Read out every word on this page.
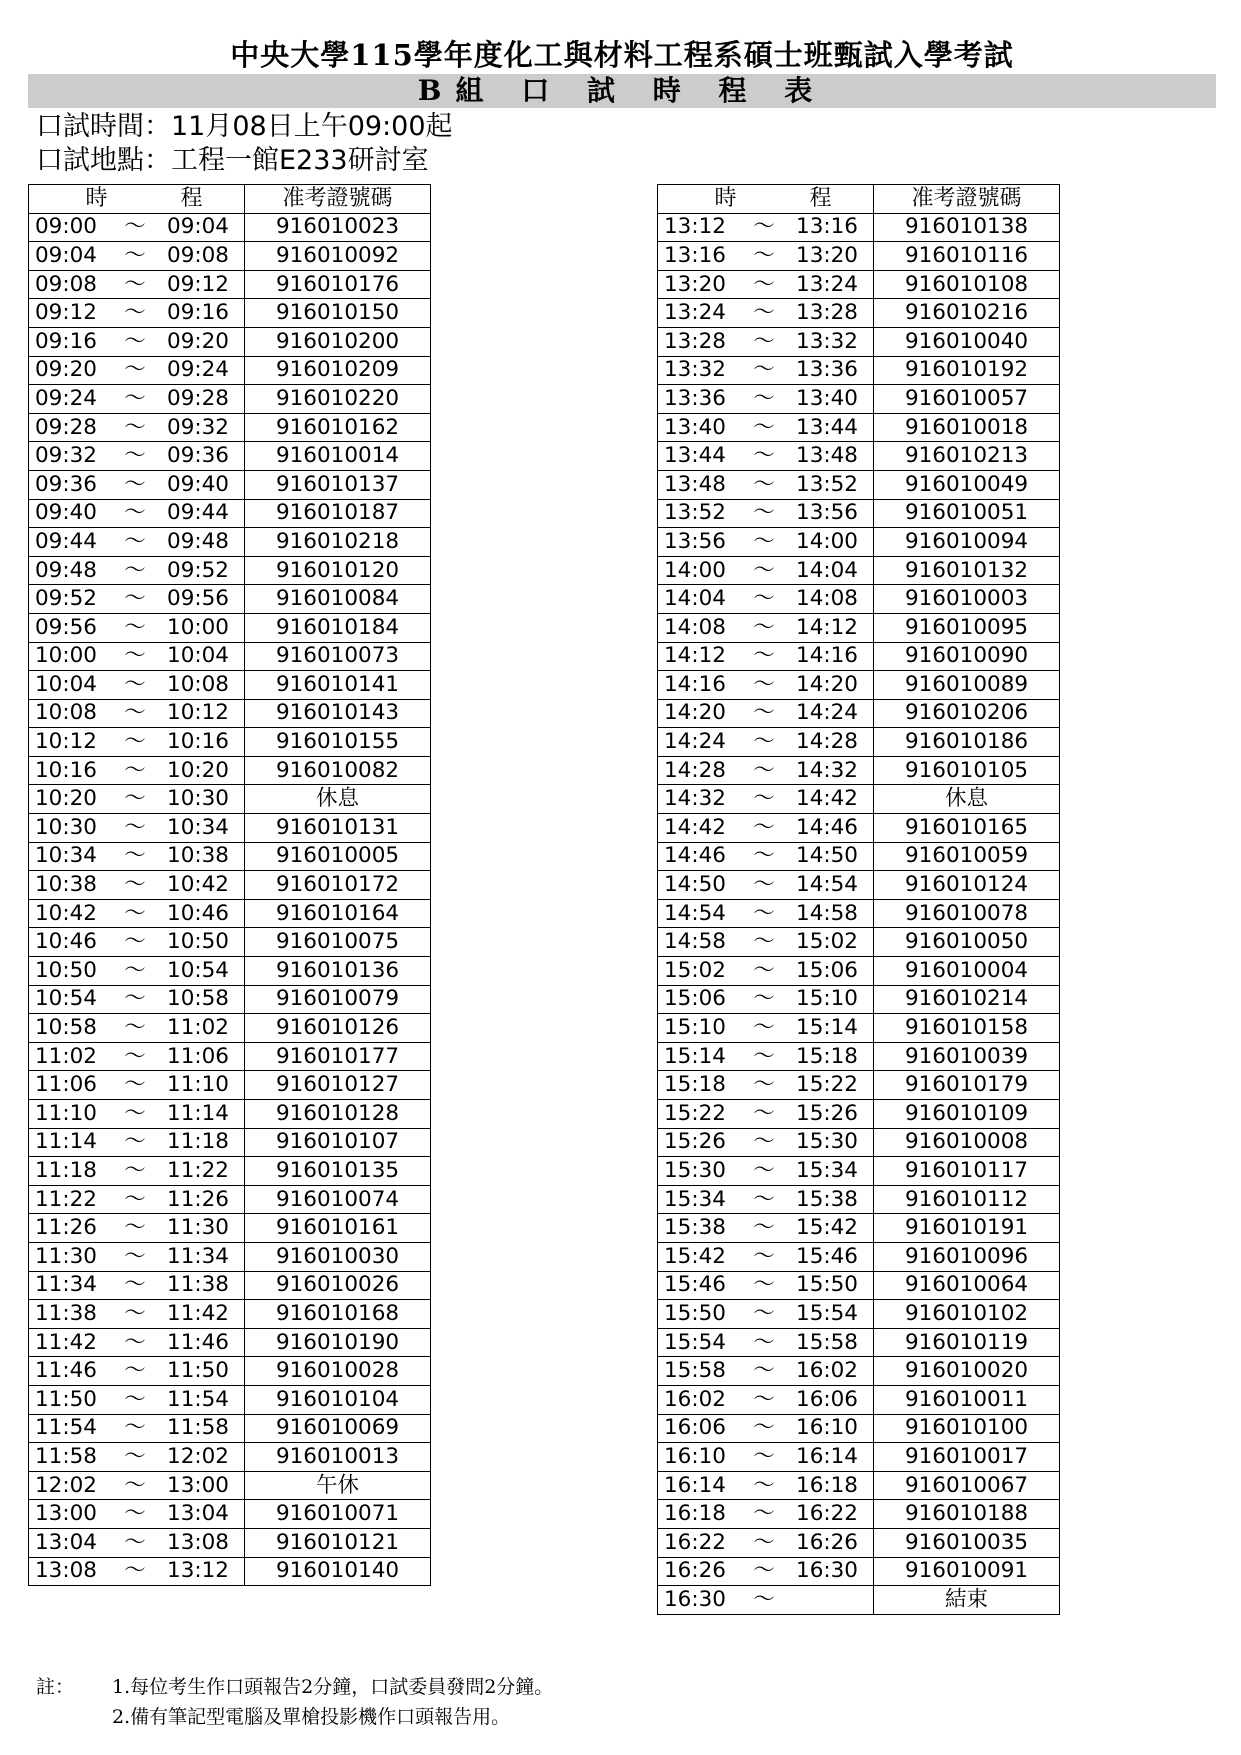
中央大學115學年度化工與材料工程系碩士班甄試入學考試
B組 口 試 時 程 表
口試時間：11月08日上午09:00起
口試地點：工程一館E233研討室
時 程	准考證號碼
09:00 ～ 09:04	916010023
09:04 ～ 09:08	916010092
09:08 ～ 09:12	916010176
09:12 ～ 09:16	916010150
09:16 ～ 09:20	916010200
09:20 ～ 09:24	916010209
09:24 ～ 09:28	916010220
09:28 ～ 09:32	916010162
09:32 ～ 09:36	916010014
09:36 ～ 09:40	916010137
09:40 ～ 09:44	916010187
09:44 ～ 09:48	916010218
09:48 ～ 09:52	916010120
09:52 ～ 09:56	916010084
09:56 ～ 10:00	916010184
10:00 ～ 10:04	916010073
10:04 ～ 10:08	916010141
10:08 ～ 10:12	916010143
10:12 ～ 10:16	916010155
10:16 ～ 10:20	916010082
10:20 ～ 10:30	休息
10:30 ～ 10:34	916010131
10:34 ～ 10:38	916010005
10:38 ～ 10:42	916010172
10:42 ～ 10:46	916010164
10:46 ～ 10:50	916010075
10:50 ～ 10:54	916010136
10:54 ～ 10:58	916010079
10:58 ～ 11:02	916010126
11:02 ～ 11:06	916010177
11:06 ～ 11:10	916010127
11:10 ～ 11:14	916010128
11:14 ～ 11:18	916010107
11:18 ～ 11:22	916010135
11:22 ～ 11:26	916010074
11:26 ～ 11:30	916010161
11:30 ～ 11:34	916010030
11:34 ～ 11:38	916010026
11:38 ～ 11:42	916010168
11:42 ～ 11:46	916010190
11:46 ～ 11:50	916010028
11:50 ～ 11:54	916010104
11:54 ～ 11:58	916010069
11:58 ～ 12:02	916010013
12:02 ～ 13:00	午休
13:00 ～ 13:04	916010071
13:04 ～ 13:08	916010121
13:08 ～ 13:12	916010140
時 程	准考證號碼
13:12 ～ 13:16	916010138
13:16 ～ 13:20	916010116
13:20 ～ 13:24	916010108
13:24 ～ 13:28	916010216
13:28 ～ 13:32	916010040
13:32 ～ 13:36	916010192
13:36 ～ 13:40	916010057
13:40 ～ 13:44	916010018
13:44 ～ 13:48	916010213
13:48 ～ 13:52	916010049
13:52 ～ 13:56	916010051
13:56 ～ 14:00	916010094
14:00 ～ 14:04	916010132
14:04 ～ 14:08	916010003
14:08 ～ 14:12	916010095
14:12 ～ 14:16	916010090
14:16 ～ 14:20	916010089
14:20 ～ 14:24	916010206
14:24 ～ 14:28	916010186
14:28 ～ 14:32	916010105
14:32 ～ 14:42	休息
14:42 ～ 14:46	916010165
14:46 ～ 14:50	916010059
14:50 ～ 14:54	916010124
14:54 ～ 14:58	916010078
14:58 ～ 15:02	916010050
15:02 ～ 15:06	916010004
15:06 ～ 15:10	916010214
15:10 ～ 15:14	916010158
15:14 ～ 15:18	916010039
15:18 ～ 15:22	916010179
15:22 ～ 15:26	916010109
15:26 ～ 15:30	916010008
15:30 ～ 15:34	916010117
15:34 ～ 15:38	916010112
15:38 ～ 15:42	916010191
15:42 ～ 15:46	916010096
15:46 ～ 15:50	916010064
15:50 ～ 15:54	916010102
15:54 ～ 15:58	916010119
15:58 ～ 16:02	916010020
16:02 ～ 16:06	916010011
16:06 ～ 16:10	916010100
16:10 ～ 16:14	916010017
16:14 ～ 16:18	916010067
16:18 ～ 16:22	916010188
16:22 ～ 16:26	916010035
16:26 ～ 16:30	916010091
16:30 ～	結束
註： 1.每位考生作口頭報告2分鐘，口試委員發問2分鐘。
2.備有筆記型電腦及單槍投影機作口頭報告用。
